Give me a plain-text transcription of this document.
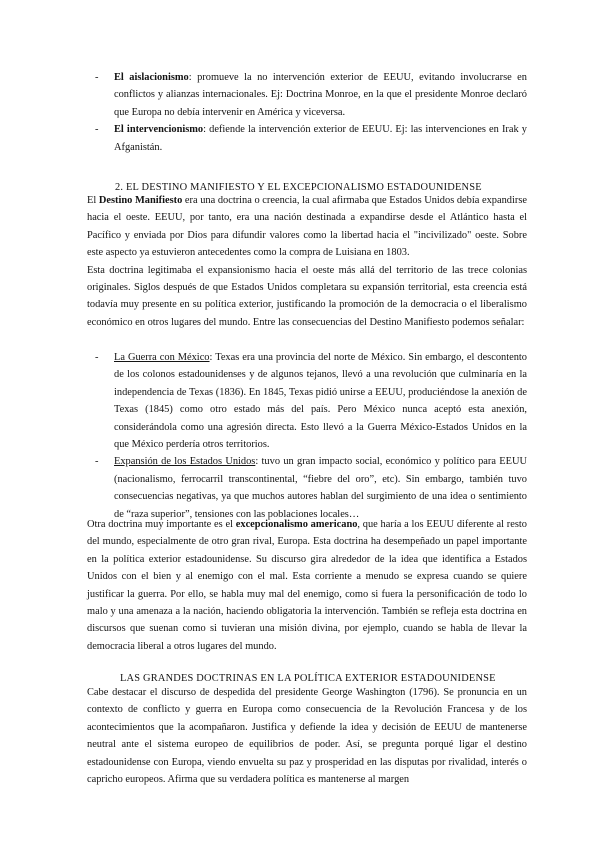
- El aislacionismo: promueve la no intervención exterior de EEUU, evitando involucrarse en conflictos y alianzas internacionales. Ej: Doctrina Monroe, en la que el presidente Monroe declaró que Europa no debía intervenir en América y viceversa.
- El intervencionismo: defiende la intervención exterior de EEUU. Ej: las intervenciones en Irak y Afganistán.
2. EL DESTINO MANIFIESTO Y EL EXCEPCIONALISMO ESTADOUNIDENSE

El Destino Manifiesto era una doctrina o creencia, la cual afirmaba que Estados Unidos debía expandirse hacia el oeste. EEUU, por tanto, era una nación destinada a expandirse desde el Atlántico hasta el Pacífico y enviada por Dios para difundir valores como la libertad hacia el "incivilizado" oeste. Sobre este aspecto ya estuvieron antecedentes como la compra de Luisiana en 1803.

Esta doctrina legitimaba el expansionismo hacia el oeste más allá del territorio de las trece colonias originales. Siglos después de que Estados Unidos completara su expansión territorial, esta creencia está todavía muy presente en su política exterior, justificando la promoción de la democracia o el liberalismo económico en otros lugares del mundo. Entre las consecuencias del Destino Manifiesto podemos señalar:

- La Guerra con México: Texas era una provincia del norte de México. Sin embargo, el descontento de los colonos estadounidenses y de algunos tejanos, llevó a una revolución que culminaría en la independencia de Texas (1836). En 1845, Texas pidió unirse a EEUU, produciéndose la anexión de Texas (1845) como otro estado más del país. Pero México nunca aceptó esta anexión, considerándola como una agresión directa. Esto llevó a la Guerra México-Estados Unidos en la que México perdería otros territorios.
- Expansión de los Estados Unidos: tuvo un gran impacto social, económico y político para EEUU (nacionalismo, ferrocarril transcontinental, “fiebre del oro”, etc). Sin embargo, también tuvo consecuencias negativas, ya que muchos autores hablan del surgimiento de una idea o sentimiento de “raza superior”, tensiones con las poblaciones locales…

Otra doctrina muy importante es el excepcionalismo americano, que haría a los EEUU diferente al resto del mundo, especialmente de otro gran rival, Europa. Esta doctrina ha desempeñado un papel importante en la política exterior estadounidense. Su discurso gira alrededor de la idea que identifica a Estados Unidos con el bien y al enemigo con el mal. Esta corriente a menudo se expresa cuando se quiere justificar la guerra. Por ello, se habla muy mal del enemigo, como si fuera la personificación de todo lo malo y una amenaza a la nación, haciendo obligatoria la intervención. También se refleja esta doctrina en discursos que suenan como si tuvieran una misión divina, por ejemplo, cuando se habla de llevar la democracia liberal a otros lugares del mundo.

LAS GRANDES DOCTRINAS EN LA POLÍTICA EXTERIOR ESTADOUNIDENSE

Cabe destacar el discurso de despedida del presidente George Washington (1796). Se pronuncia en un contexto de conflicto y guerra en Europa como consecuencia de la Revolución Francesa y de los acontecimientos que la acompañaron. Justifica y defiende la idea y decisión de EEUU de mantenerse neutral ante el sistema europeo de equilibrios de poder. Así, se pregunta porqué ligar el destino estadounidense con Europa, viendo envuelta su paz y prosperidad en las disputas por rivalidad, interés o capricho europeos. Afirma que su verdadera política es mantenerse al margen
